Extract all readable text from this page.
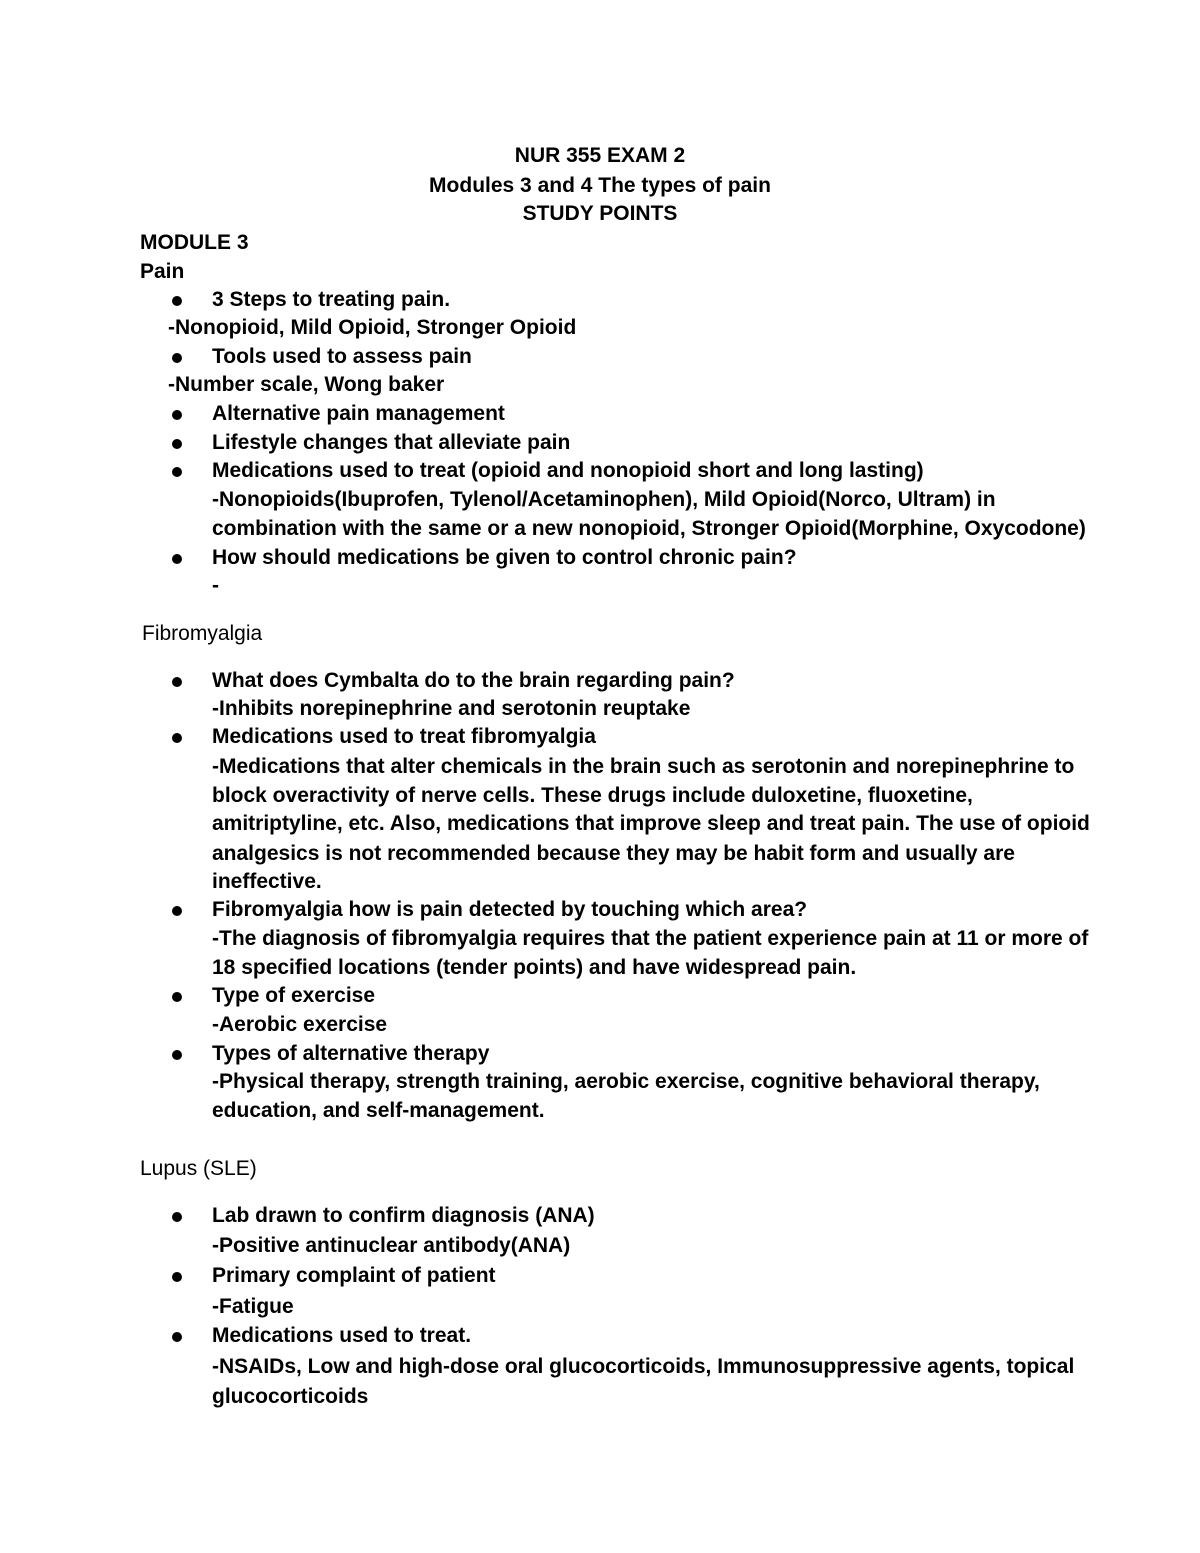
NUR 355 EXAM 2
Modules 3 and 4 The types of pain
STUDY POINTS
MODULE 3
Pain
3 Steps to treating pain.
-Nonopioid, Mild Opioid, Stronger Opioid
Tools used to assess pain
-Number scale, Wong baker
Alternative pain management
Lifestyle changes that alleviate pain
Medications used to treat (opioid and nonopioid short and long lasting)
-Nonopioids(Ibuprofen, Tylenol/Acetaminophen), Mild Opioid(Norco, Ultram) in
combination with the same or a new nonopioid, Stronger Opioid(Morphine, Oxycodone)
How should medications be given to control chronic pain?
-
Fibromyalgia
What does Cymbalta do to the brain regarding pain?
-Inhibits norepinephrine and serotonin reuptake
Medications used to treat fibromyalgia
-Medications that alter chemicals in the brain such as serotonin and norepinephrine to
block overactivity of nerve cells. These drugs include duloxetine, fluoxetine,
amitriptyline, etc. Also, medications that improve sleep and treat pain. The use of opioid
analgesics is not recommended because they may be habit form and usually are
ineffective.
Fibromyalgia how is pain detected by touching which area?
-The diagnosis of fibromyalgia requires that the patient experience pain at 11 or more of
18 specified locations (tender points) and have widespread pain.
Type of exercise
-Aerobic exercise
Types of alternative therapy
-Physical therapy, strength training, aerobic exercise, cognitive behavioral therapy,
education, and self-management.
Lupus (SLE)
Lab drawn to confirm diagnosis (ANA)
-Positive antinuclear antibody(ANA)
Primary complaint of patient
-Fatigue
Medications used to treat.
-NSAIDs, Low and high-dose oral glucocorticoids, Immunosuppressive agents, topical
glucocorticoids
